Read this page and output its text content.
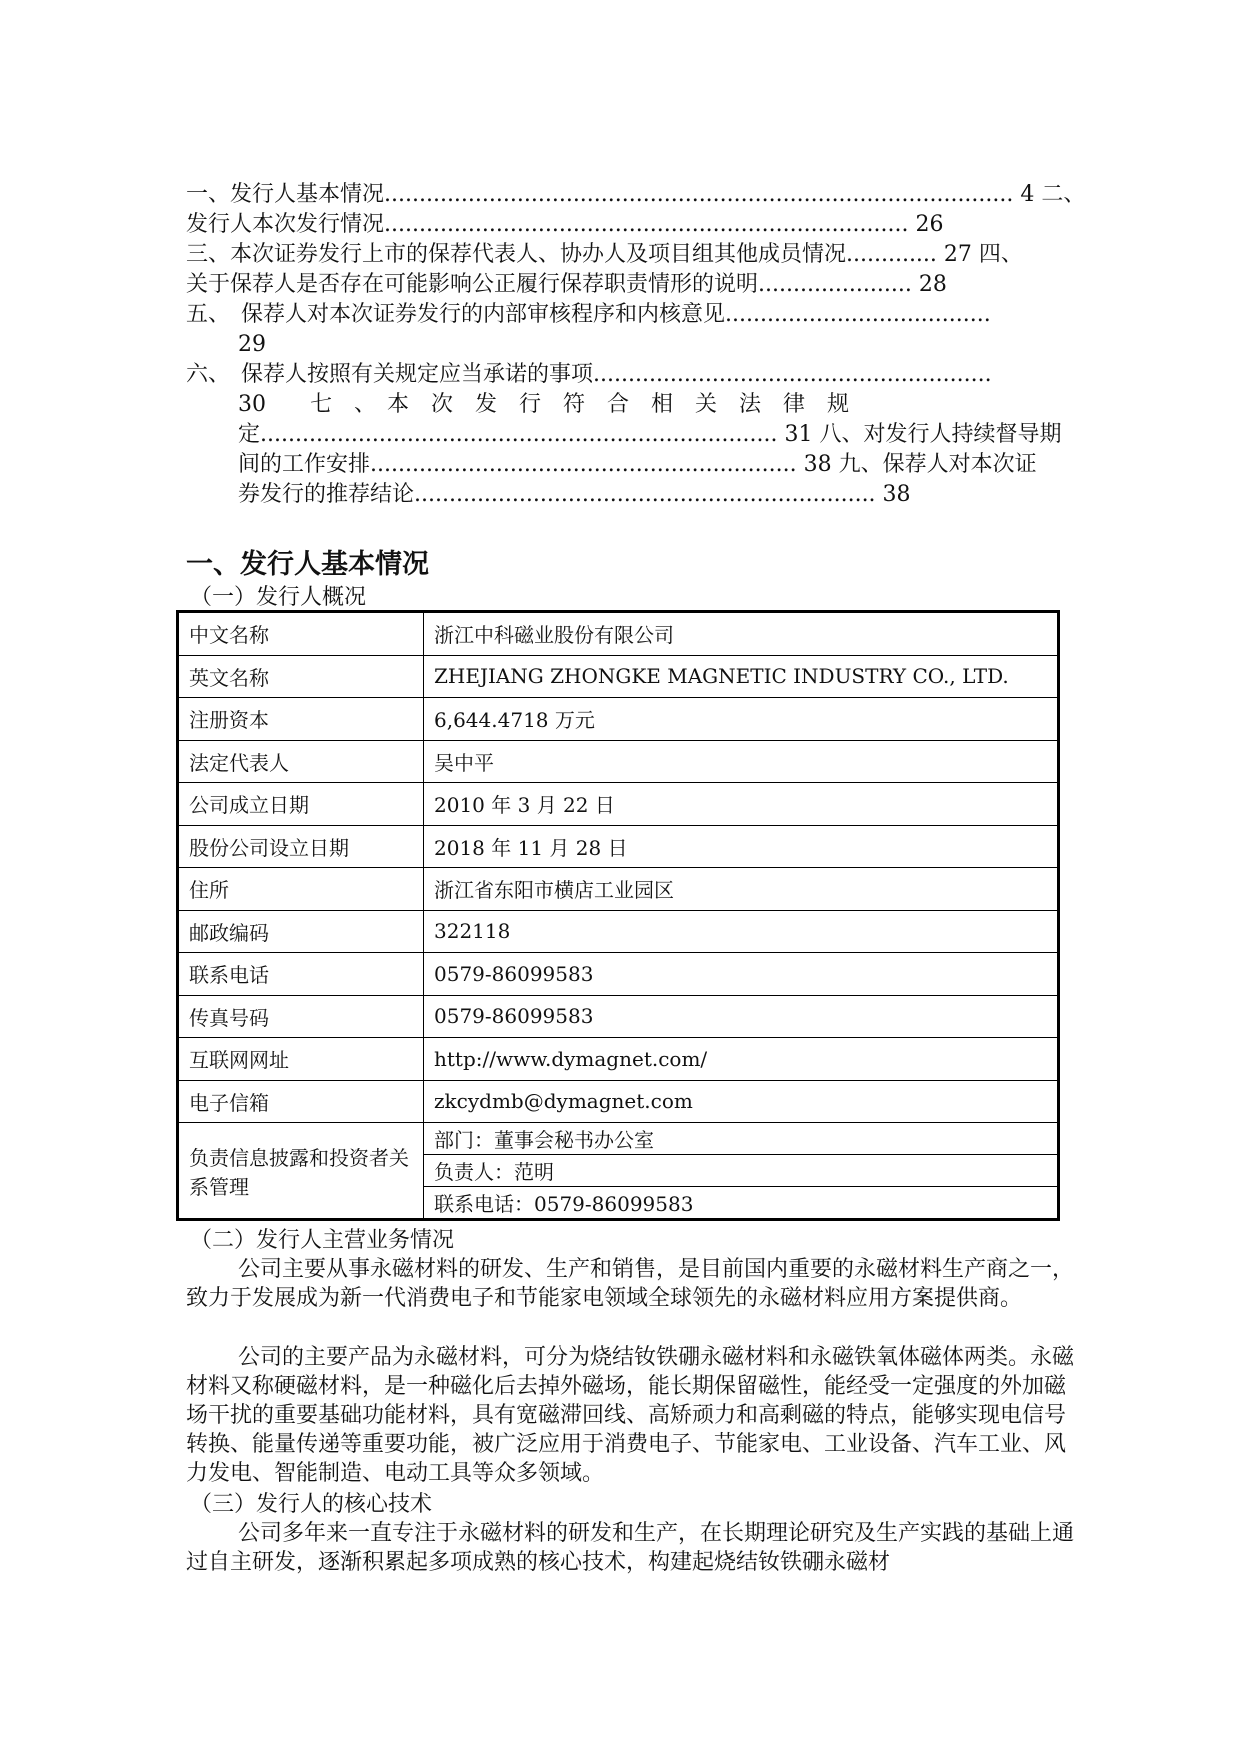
一、发行人基本情况.......................................................................................... 4 二、
发行人本次发行情况........................................................................... 26
三、本次证券发行上市的保荐代表人、协办人及项目组其他成员情况............. 27 四、
关于保荐人是否存在可能影响公正履行保荐职责情形的说明...................... 28
五、　保荐人对本次证券发行的内部审核程序和内核意见......................................
29
六、　保荐人按照有关规定应当承诺的事项.........................................................
30　　七　、　本　次　发　行　符　合　相　关　法　律　规
定.......................................................................... 31 八、对发行人持续督导期
间的工作安排............................................................. 38 九、保荐人对本次证
券发行的推荐结论.................................................................. 38
一、发行人基本情况
（一）发行人概况
中文名称	浙江中科磁业股份有限公司
英文名称	ZHEJIANG ZHONGKE MAGNETIC INDUSTRY CO., LTD.
注册资本	6,644.4718 万元
法定代表人	吴中平
公司成立日期	2010 年 3 月 22 日
股份公司设立日期	2018 年 11 月 28 日
住所	浙江省东阳市横店工业园区
邮政编码	322118
联系电话	0579-86099583
传真号码	0579-86099583
互联网网址	http://www.dymagnet.com/
电子信箱	zkcydmb@dymagnet.com
负责信息披露和投资者关系管理	部门：董事会秘书办公室
	负责人：范明
	联系电话：0579-86099583
（二）发行人主营业务情况
公司主要从事永磁材料的研发、生产和销售，是目前国内重要的永磁材料生产商之一，致力于发展成为新一代消费电子和节能家电领域全球领先的永磁材料应用方案提供商。
公司的主要产品为永磁材料，可分为烧结钕铁硼永磁材料和永磁铁氧体磁体两类。永磁材料又称硬磁材料，是一种磁化后去掉外磁场，能长期保留磁性，能经受一定强度的外加磁场干扰的重要基础功能材料，具有宽磁滞回线、高矫顽力和高剩磁的特点，能够实现电信号转换、能量传递等重要功能，被广泛应用于消费电子、节能家电、工业设备、汽车工业、风力发电、智能制造、电动工具等众多领域。
（三）发行人的核心技术
公司多年来一直专注于永磁材料的研发和生产，在长期理论研究及生产实践的基础上通过自主研发，逐渐积累起多项成熟的核心技术，构建起烧结钕铁硼永磁材
